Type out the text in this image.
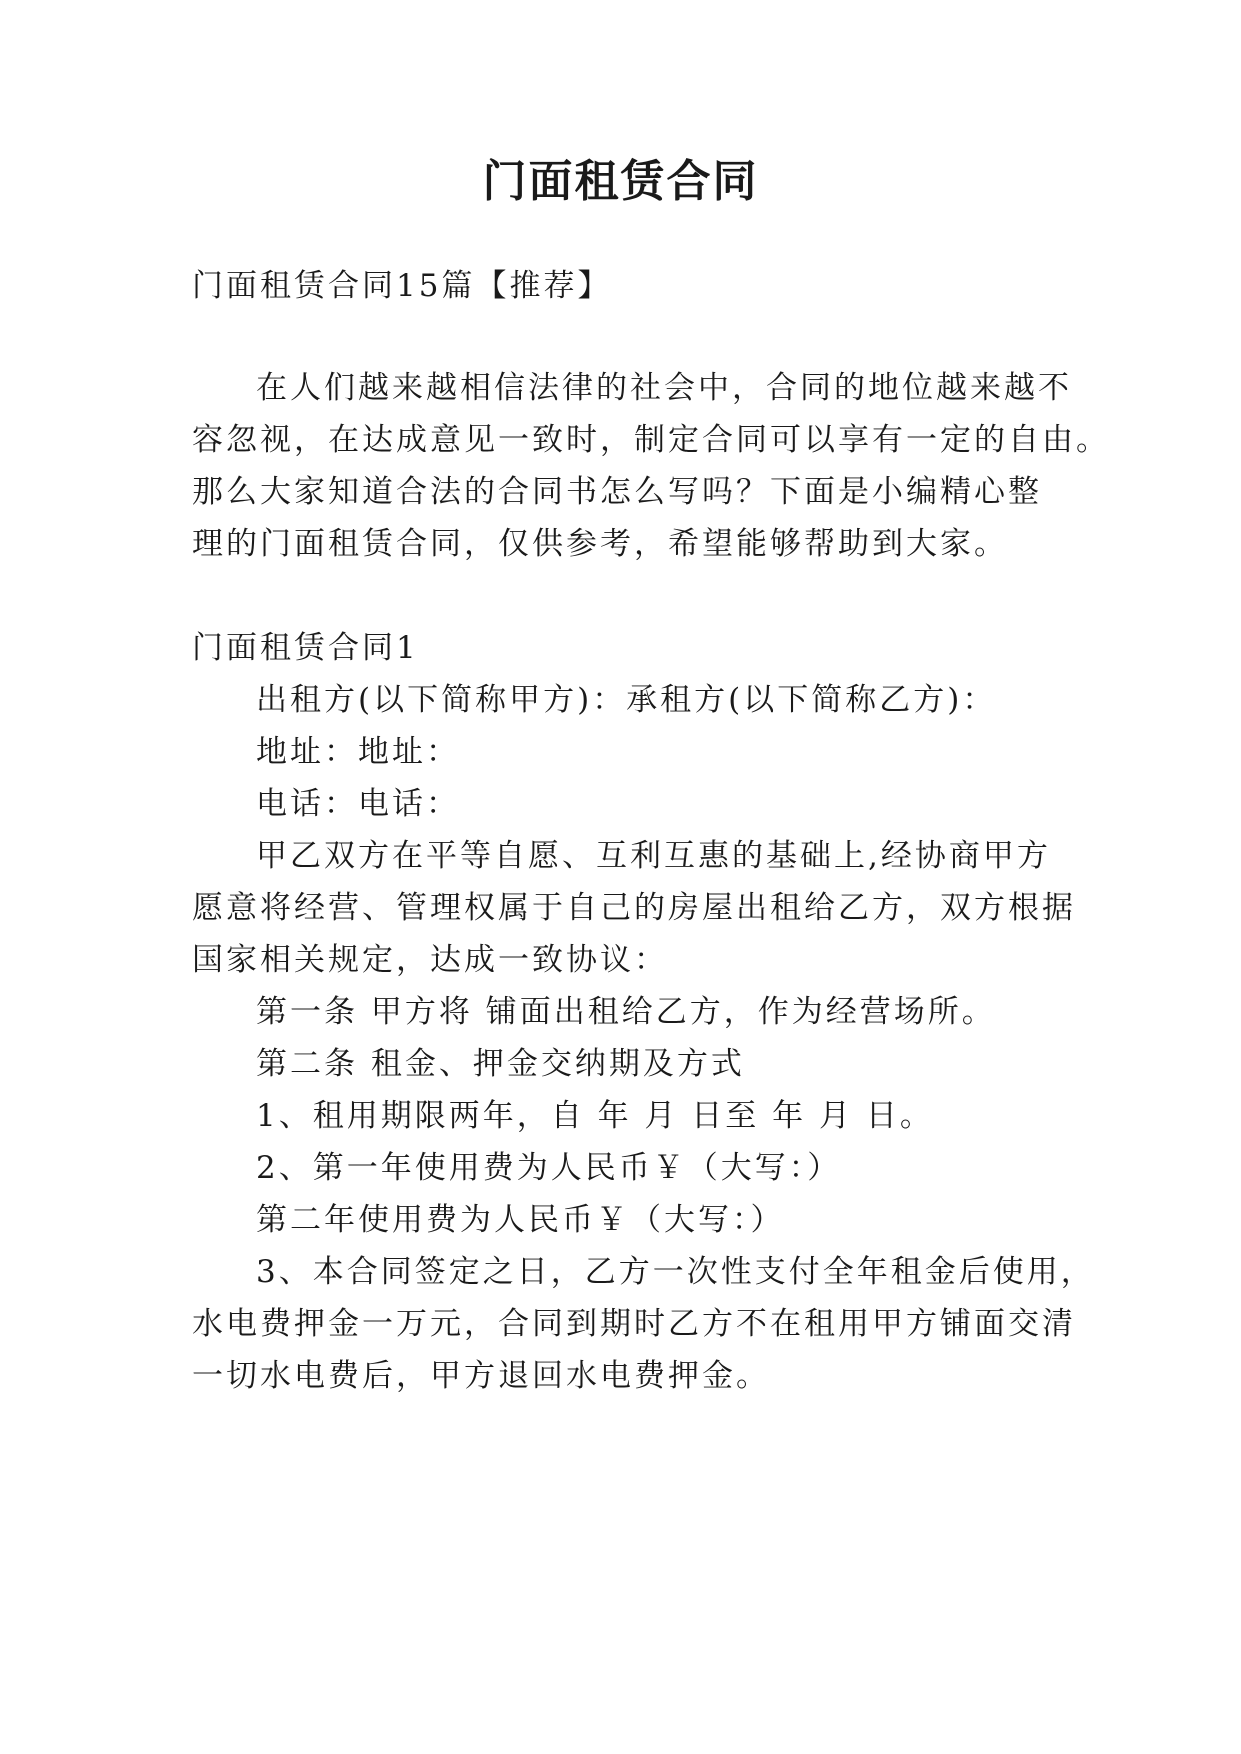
门面租赁合同

门面租赁合同15篇【推荐】

在人们越来越相信法律的社会中，合同的地位越来越不

容忽视，在达成意见一致时，制定合同可以享有一定的自由。

那么大家知道合法的合同书怎么写吗？下面是小编精心整

理的门面租赁合同，仅供参考，希望能够帮助到大家。

门面租赁合同1

出租方(以下简称甲方)：承租方(以下简称乙方)：

地址：地址：

电话：电话：

甲乙双方在平等自愿、互利互惠的基础上,经协商甲方

愿意将经营、管理权属于自己的房屋出租给乙方，双方根据

国家相关规定，达成一致协议：

第一条 甲方将 铺面出租给乙方，作为经营场所。

第二条 租金、押金交纳期及方式

1、租用期限两年，自 年 月 日至 年 月 日。

2、第一年使用费为人民币￥（大写：）

第二年使用费为人民币￥（大写：）

3、本合同签定之日，乙方一次性支付全年租金后使用，

水电费押金一万元，合同到期时乙方不在租用甲方铺面交清

一切水电费后，甲方退回水电费押金。
